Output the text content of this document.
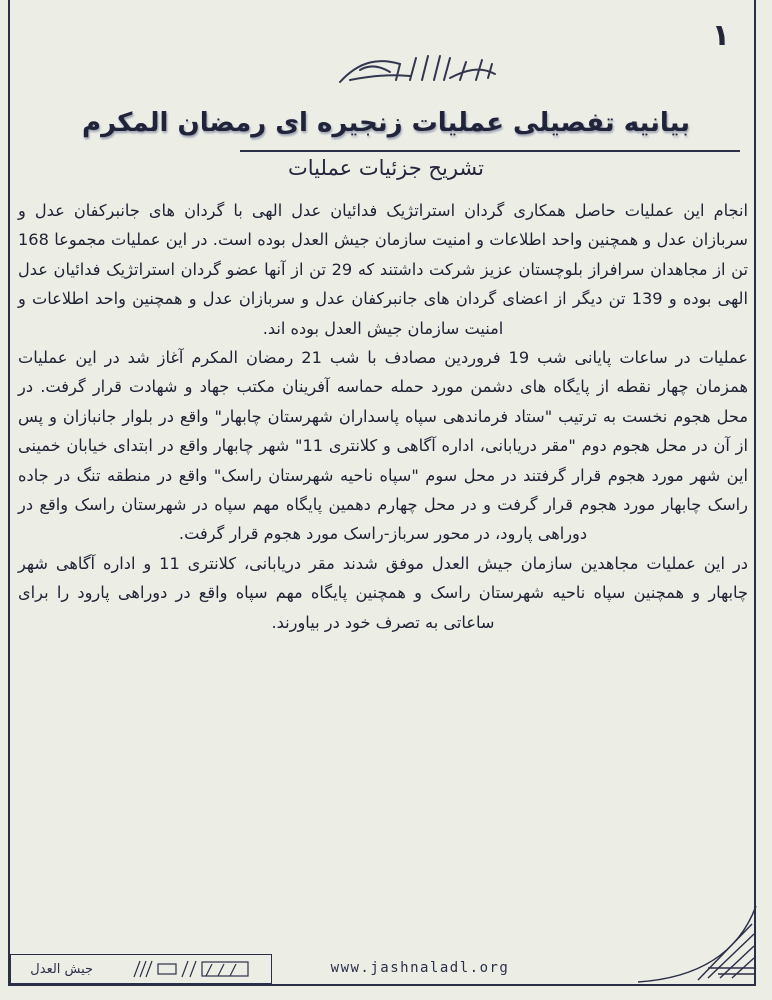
۱
بیانیه تفصیلی عملیات زنجیره ای رمضان المکرم
تشریح جزئیات عملیات

انجام این عملیات حاصل همکاری گردان استراتژیک فدائیان عدل الهی با گردان های جانبرکفان عدل و سربازان عدل و همچنین واحد اطلاعات و امنیت سازمان جیش العدل بوده است. در این عملیات مجموعا 168 تن از مجاهدان سرافراز بلوچستان عزیز شرکت داشتند که 29 تن از آنها عضو گردان استراتژیک فدائیان عدل الهی بوده و 139 تن دیگر از اعضای گردان های جانبرکفان عدل و سربازان عدل و همچنین واحد اطلاعات و امنیت سازمان جیش العدل بوده اند.

عملیات در ساعات پایانی شب 19 فروردین مصادف با شب 21 رمضان المکرم آغاز شد در این عملیات همزمان چهار نقطه از پایگاه های دشمن مورد حمله حماسه آفرینان مکتب جهاد و شهادت قرار گرفت. در محل هجوم نخست به ترتیب "ستاد فرماندهی سپاه پاسداران شهرستان چابهار" واقع در بلوار جانبازان و پس از آن در محل هجوم دوم "مقر دریابانی، اداره آگاهی و کلانتری 11" شهر چابهار واقع در ابتدای خیابان خمینی این شهر مورد هجوم قرار گرفتند در محل سوم "سپاه ناحیه شهرستان راسک" واقع در منطقه تنگ در جاده راسک چابهار مورد هجوم قرار گرفت و در محل چهارم دهمین پایگاه مهم سپاه در شهرستان راسک واقع در دوراهی پارود، در محور سرباز-راسک مورد هجوم قرار گرفت.

در این عملیات مجاهدین سازمان جیش العدل موفق شدند مقر دریابانی، کلانتری 11 و اداره آگاهی شهر چابهار و همچنین سپاه ناحیه شهرستان راسک و همچنین پایگاه مهم سپاه واقع در دوراهی پارود را برای ساعاتی به تصرف خود در بیاورند.

جیش العدل	www.jashnaladl.org
